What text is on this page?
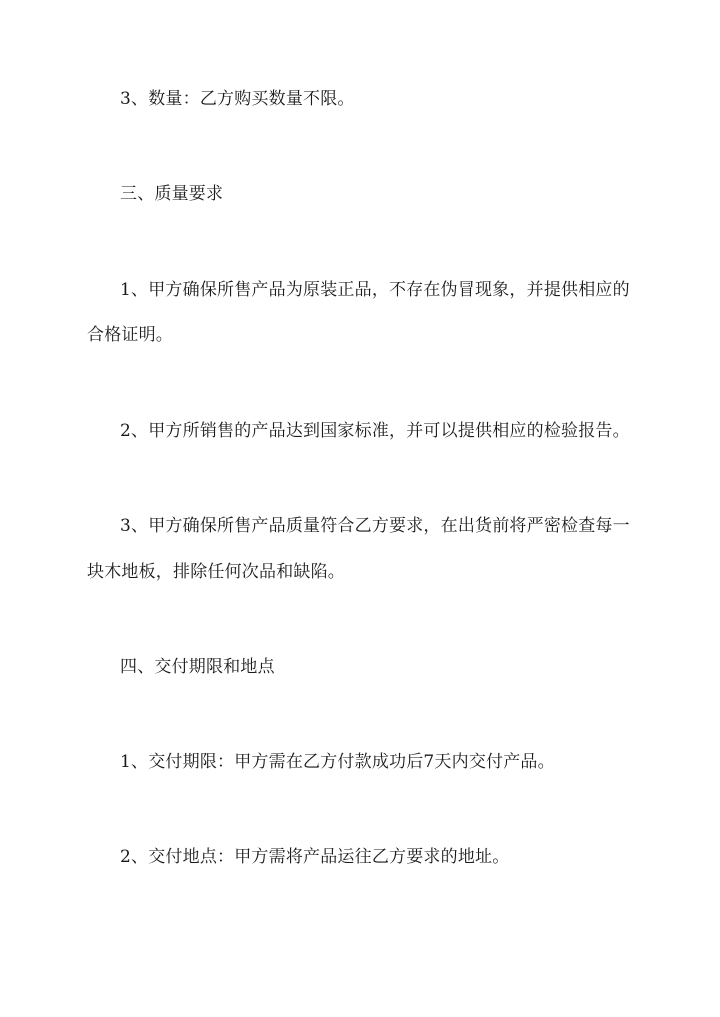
3、数量：乙方购买数量不限。

三、质量要求

1、甲方确保所售产品为原装正品，不存在伪冒现象，并提供相应的

合格证明。

2、甲方所销售的产品达到国家标准，并可以提供相应的检验报告。

3、甲方确保所售产品质量符合乙方要求，在出货前将严密检查每一

块木地板，排除任何次品和缺陷。

四、交付期限和地点

1、交付期限：甲方需在乙方付款成功后7天内交付产品。

2、交付地点：甲方需将产品运往乙方要求的地址。
